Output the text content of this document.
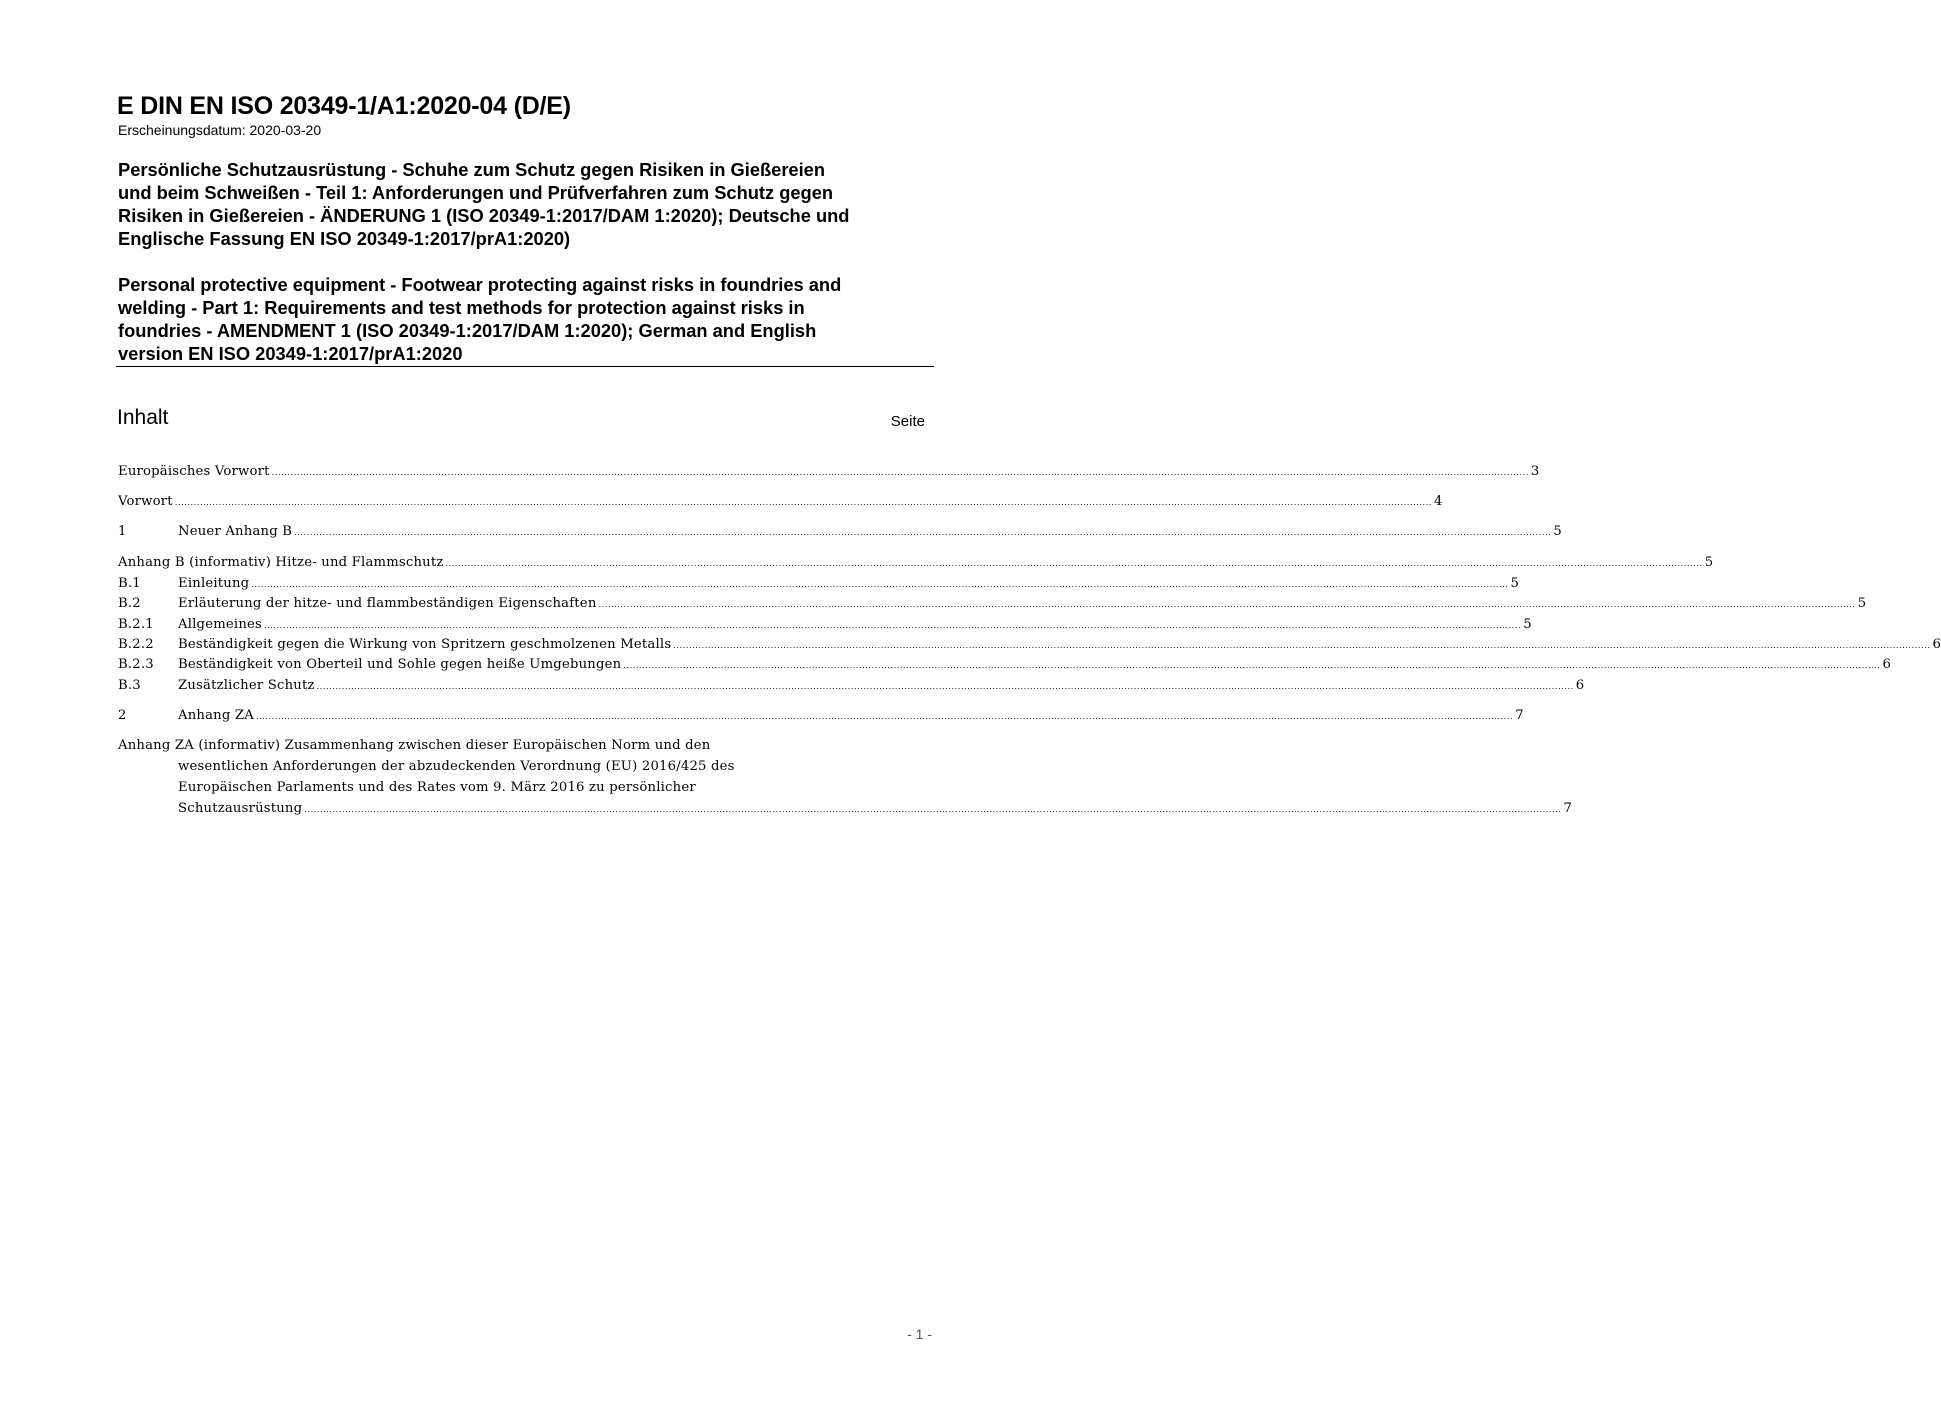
E DIN EN ISO 20349-1/A1:2020-04 (D/E)
Erscheinungsdatum: 2020-03-20
Persönliche Schutzausrüstung - Schuhe zum Schutz gegen Risiken in Gießereien
und beim Schweißen - Teil 1: Anforderungen und Prüfverfahren zum Schutz gegen
Risiken in Gießereien - ÄNDERUNG 1 (ISO 20349-1:2017/DAM 1:2020); Deutsche und
Englische Fassung EN ISO 20349-1:2017/prA1:2020)
Personal protective equipment - Footwear protecting against risks in foundries and
welding - Part 1: Requirements and test methods for protection against risks in
foundries - AMENDMENT 1 (ISO 20349-1:2017/DAM 1:2020); German and English
version EN ISO 20349-1:2017/prA1:2020
Inhalt	Seite
Europäisches Vorwort ................................................................................................................................................................................................................................................................................................................................................................................................................ 3
Vorwort ................................................................................................................................................................................................................................................................................................................................................................................................................ 4
1	Neuer Anhang B ................................................................................................................................................................................................................................................................................................................................................................................................................ 5
Anhang B (informativ) Hitze- und Flammschutz ................................................................................................................................................................................................................................................................................................................................................................................................................ 5
B.1	Einleitung ................................................................................................................................................................................................................................................................................................................................................................................................................ 5
B.2	Erläuterung der hitze- und flammbeständigen Eigenschaften ................................................................................................................................................................................................................................................................................................................................................................................................................ 5
B.2.1	Allgemeines ................................................................................................................................................................................................................................................................................................................................................................................................................ 5
B.2.2	Beständigkeit gegen die Wirkung von Spritzern geschmolzenen Metalls ................................................................................................................................................................................................................................................................................................................................................................................................................ 6
B.2.3	Beständigkeit von Oberteil und Sohle gegen heiße Umgebungen ................................................................................................................................................................................................................................................................................................................................................................................................................ 6
B.3	Zusätzlicher Schutz ................................................................................................................................................................................................................................................................................................................................................................................................................ 6
2	Anhang ZA ................................................................................................................................................................................................................................................................................................................................................................................................................ 7
Anhang ZA (informativ) Zusammenhang zwischen dieser Europäischen Norm und den
wesentlichen Anforderungen der abzudeckenden Verordnung (EU) 2016/425 des
Europäischen Parlaments und des Rates vom 9. März 2016 zu persönlicher
Schutzausrüstung ................................................................................................................................................................................................................................................................................................................................................................................................................ 7
- 1 -
